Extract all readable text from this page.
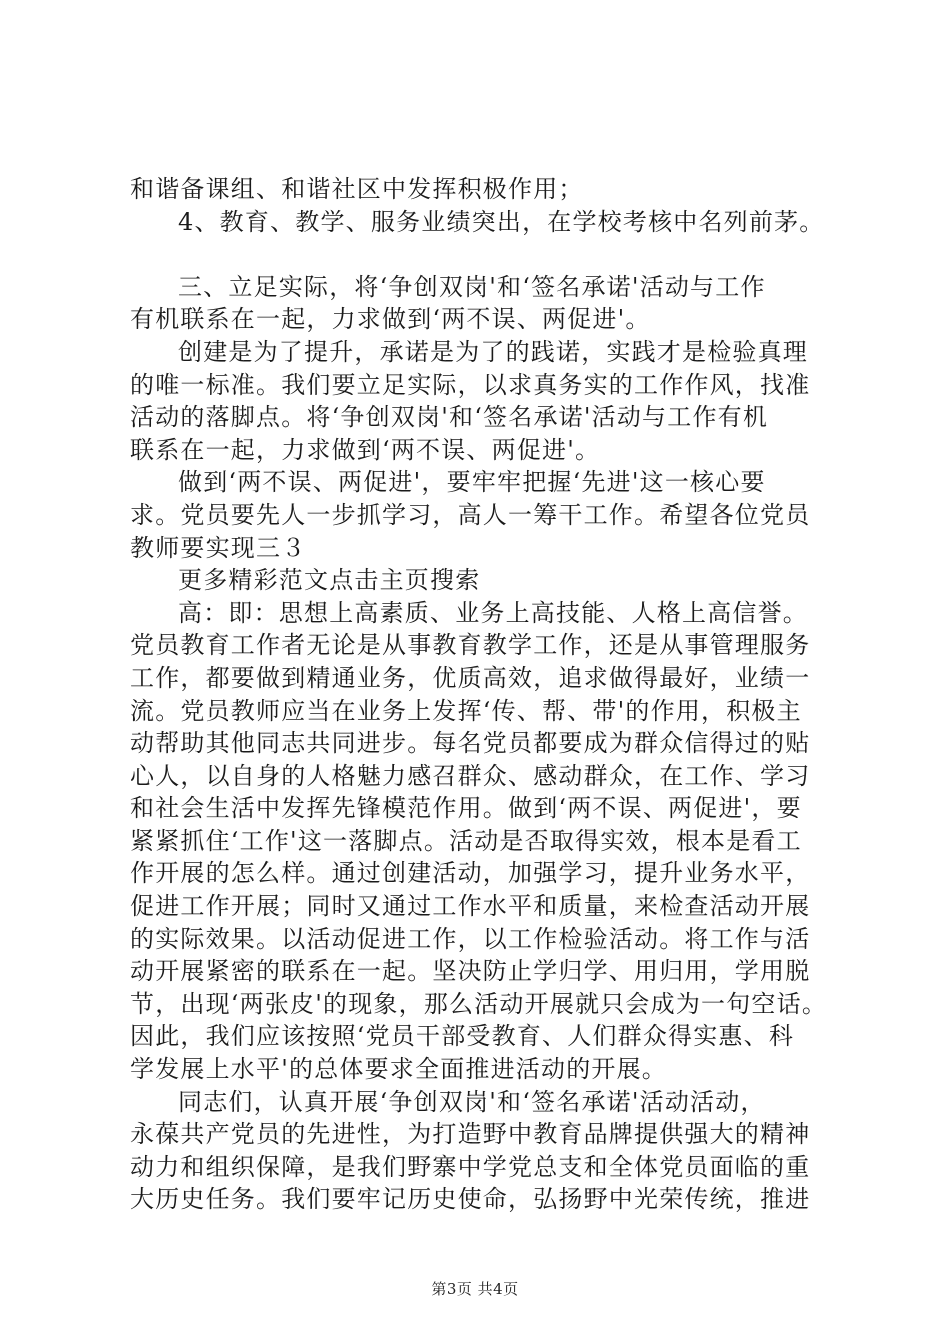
和谐备课组、和谐社区中发挥积极作用；
4、教育、教学、服务业绩突出，在学校考核中名列前茅。
三、立足实际，将‘争创双岗'和‘签名承诺'活动与工作
有机联系在一起，力求做到‘两不误、两促进'。
创建是为了提升，承诺是为了的践诺，实践才是检验真理
的唯一标准。我们要立足实际，以求真务实的工作作风，找准
活动的落脚点。将‘争创双岗'和‘签名承诺'活动与工作有机
联系在一起，力求做到‘两不误、两促进'。
做到‘两不误、两促进'，要牢牢把握‘先进'这一核心要
求。党员要先人一步抓学习，高人一筹干工作。希望各位党员
教师要实现三３
更多精彩范文点击主页搜索
高：即：思想上高素质、业务上高技能、人格上高信誉。
党员教育工作者无论是从事教育教学工作，还是从事管理服务
工作，都要做到精通业务，优质高效，追求做得最好，业绩一
流。党员教师应当在业务上发挥‘传、帮、带'的作用，积极主
动帮助其他同志共同进步。每名党员都要成为群众信得过的贴
心人，以自身的人格魅力感召群众、感动群众，在工作、学习
和社会生活中发挥先锋模范作用。做到‘两不误、两促进'，要
紧紧抓住‘工作'这一落脚点。活动是否取得实效，根本是看工
作开展的怎么样。通过创建活动，加强学习，提升业务水平，
促进工作开展；同时又通过工作水平和质量，来检查活动开展
的实际效果。以活动促进工作，以工作检验活动。将工作与活
动开展紧密的联系在一起。坚决防止学归学、用归用，学用脱
节，出现‘两张皮'的现象，那么活动开展就只会成为一句空话。
因此，我们应该按照‘党员干部受教育、人们群众得实惠、科
学发展上水平'的总体要求全面推进活动的开展。
同志们，认真开展‘争创双岗'和‘签名承诺'活动活动，
永葆共产党员的先进性，为打造野中教育品牌提供强大的精神
动力和组织保障，是我们野寨中学党总支和全体党员面临的重
大历史任务。我们要牢记历史使命，弘扬野中光荣传统，推进
第3页 共4页
